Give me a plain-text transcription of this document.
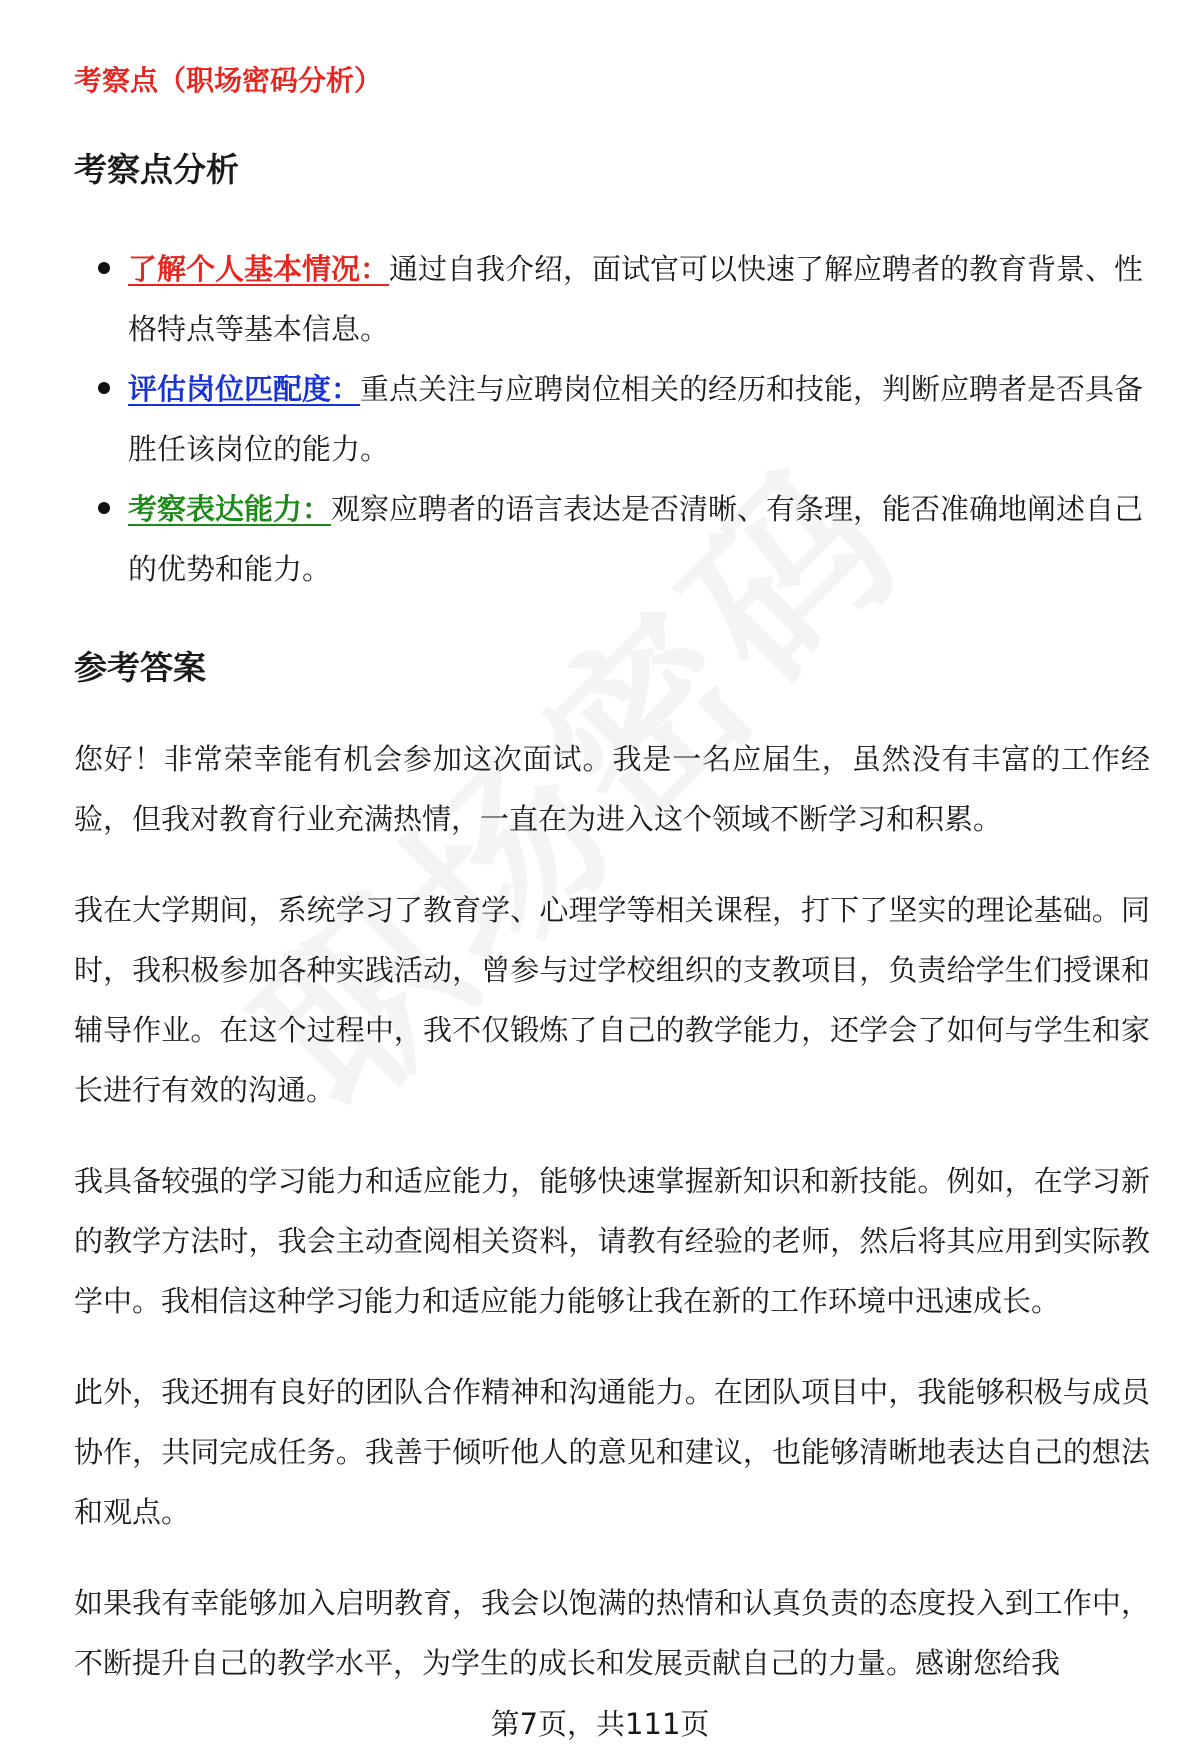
考察点（职场密码分析）

考察点分析
了解个人基本情况：通过自我介绍，面试官可以快速了解应聘者的教育背景、性格特点等基本信息。
评估岗位匹配度：重点关注与应聘岗位相关的经历和技能，判断应聘者是否具备胜任该岗位的能力。
考察表达能力：观察应聘者的语言表达是否清晰、有条理，能否准确地阐述自己的优势和能力。
参考答案

您好！非常荣幸能有机会参加这次面试。我是一名应届生，虽然没有丰富的工作经验，但我对教育行业充满热情，一直在为进入这个领域不断学习和积累。

我在大学期间，系统学习了教育学、心理学等相关课程，打下了坚实的理论基础。同时，我积极参加各种实践活动，曾参与过学校组织的支教项目，负责给学生们授课和辅导作业。在这个过程中，我不仅锻炼了自己的教学能力，还学会了如何与学生和家长进行有效的沟通。

我具备较强的学习能力和适应能力，能够快速掌握新知识和新技能。例如，在学习新的教学方法时，我会主动查阅相关资料，请教有经验的老师，然后将其应用到实际教学中。我相信这种学习能力和适应能力能够让我在新的工作环境中迅速成长。

此外，我还拥有良好的团队合作精神和沟通能力。在团队项目中，我能够积极与成员协作，共同完成任务。我善于倾听他人的意见和建议，也能够清晰地表达自己的想法和观点。

如果我有幸能够加入启明教育，我会以饱满的热情和认真负责的态度投入到工作中，不断提升自己的教学水平，为学生的成长和发展贡献自己的力量。感谢您给我

第7页，共111页
